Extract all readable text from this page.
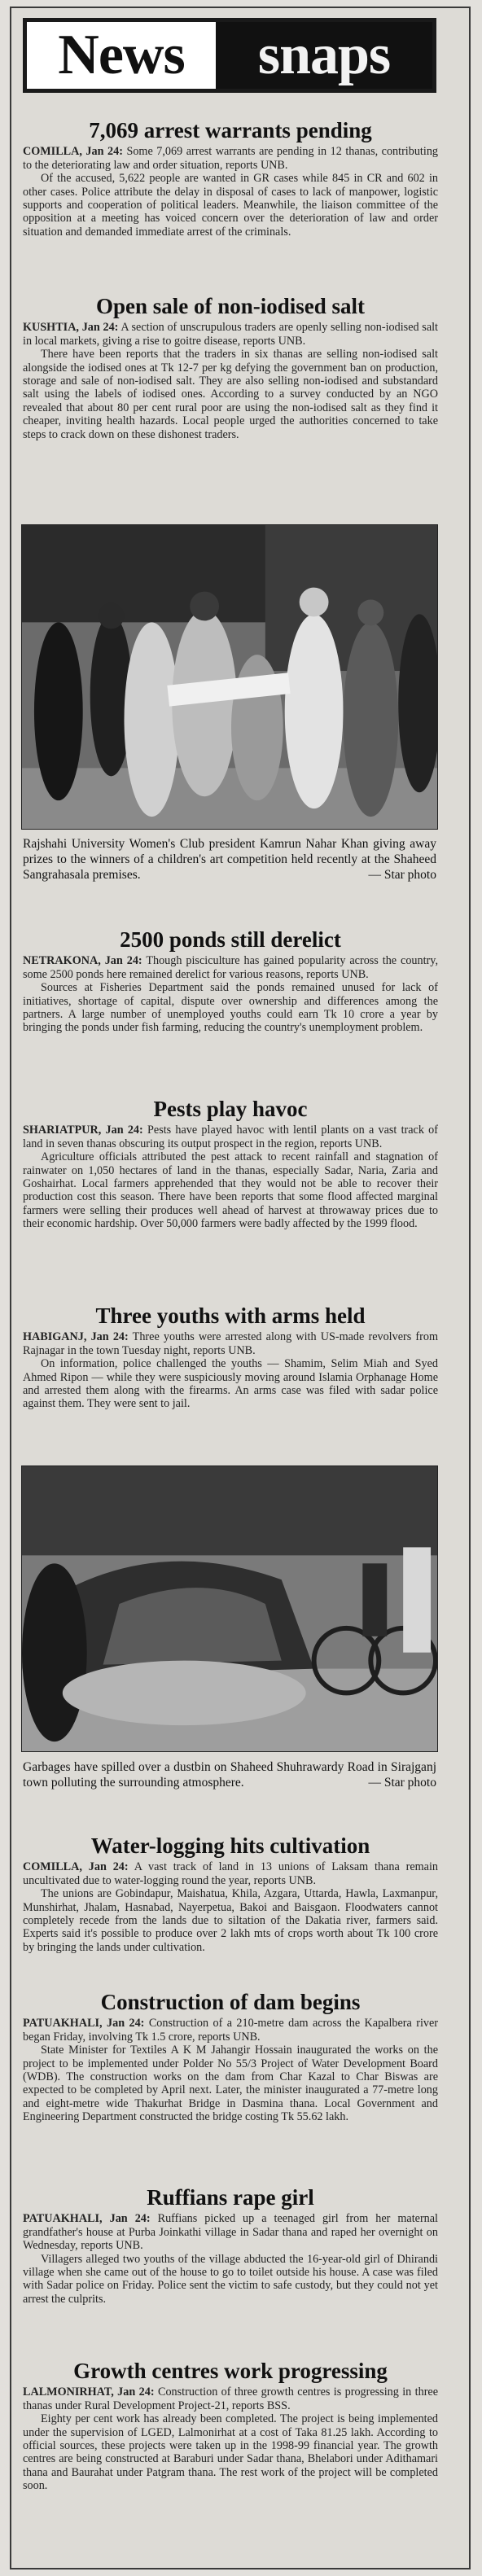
News	snaps
7,069 arrest warrants pending

COMILLA, Jan 24: Some 7,069 arrest warrants are pending in 12 thanas, contributing to the deteriorating law and order situation, reports UNB.

Of the accused, 5,622 people are wanted in GR cases while 845 in CR and 602 in other cases. Police attribute the delay in disposal of cases to lack of manpower, logistic supports and cooperation of political leaders. Meanwhile, the liaison committee of the opposition at a meeting has voiced concern over the deterioration of law and order situation and demanded immediate arrest of the criminals.

Open sale of non-iodised salt

KUSHTIA, Jan 24: A section of unscrupulous traders are openly selling non-iodised salt in local markets, giving a rise to goitre disease, reports UNB.

There have been reports that the traders in six thanas are selling non-iodised salt alongside the iodised ones at Tk 12-7 per kg defying the government ban on production, storage and sale of non-iodised salt. They are also selling non-iodised and substandard salt using the labels of iodised ones. According to a survey conducted by an NGO revealed that about 80 per cent rural poor are using the non-iodised salt as they find it cheaper, inviting health hazards. Local people urged the authorities concerned to take steps to crack down on these dishonest traders.

Rajshahi University Women's Club president Kamrun Nahar Khan giving away prizes to the winners of a children's art competition held recently at the Shaheed Sangrahasala premises.	— Star photo
2500 ponds still derelict

NETRAKONA, Jan 24: Though pisciculture has gained popularity across the country, some 2500 ponds here remained derelict for various reasons, reports UNB.

Sources at Fisheries Department said the ponds remained unused for lack of initiatives, shortage of capital, dispute over ownership and differences among the partners. A large number of unemployed youths could earn Tk 10 crore a year by bringing the ponds under fish farming, reducing the country's unemployment problem.

Pests play havoc

SHARIATPUR, Jan 24: Pests have played havoc with lentil plants on a vast track of land in seven thanas obscuring its output prospect in the region, reports UNB.

Agriculture officials attributed the pest attack to recent rainfall and stagnation of rainwater on 1,050 hectares of land in the thanas, especially Sadar, Naria, Zaria and Goshairhat. Local farmers apprehended that they would not be able to recover their production cost this season. There have been reports that some flood affected marginal farmers were selling their produces well ahead of harvest at throwaway prices due to their economic hardship. Over 50,000 farmers were badly affected by the 1999 flood.

Three youths with arms held

HABIGANJ, Jan 24: Three youths were arrested along with US-made revolvers from Rajnagar in the town Tuesday night, reports UNB.

On information, police challenged the youths — Shamim, Selim Miah and Syed Ahmed Ripon — while they were suspiciously moving around Islamia Orphanage Home and arrested them along with the firearms. An arms case was filed with sadar police against them. They were sent to jail.

Garbages have spilled over a dustbin on Shaheed Shuhrawardy Road in Sirajganj town polluting the surrounding atmosphere.	— Star photo
Water-logging hits cultivation

COMILLA, Jan 24: A vast track of land in 13 unions of Laksam thana remain uncultivated due to water-logging round the year, reports UNB.

The unions are Gobindapur, Maishatua, Khila, Azgara, Uttarda, Hawla, Laxmanpur, Munshirhat, Jhalam, Hasnabad, Nayerpetua, Bakoi and Baisgaon. Floodwaters cannot completely recede from the lands due to siltation of the Dakatia river, farmers said. Experts said it's possible to produce over 2 lakh mts of crops worth about Tk 100 crore by bringing the lands under cultivation.

Construction of dam begins

PATUAKHALI, Jan 24: Construction of a 210-metre dam across the Kapalbera river began Friday, involving Tk 1.5 crore, reports UNB.

State Minister for Textiles A K M Jahangir Hossain inaugurated the works on the project to be implemented under Polder No 55/3 Project of Water Development Board (WDB). The construction works on the dam from Char Kazal to Char Biswas are expected to be completed by April next. Later, the minister inaugurated a 77-metre long and eight-metre wide Thakurhat Bridge in Dasmina thana. Local Government and Engineering Department constructed the bridge costing Tk 55.62 lakh.

Ruffians rape girl

PATUAKHALI, Jan 24: Ruffians picked up a teenaged girl from her maternal grandfather's house at Purba Joinkathi village in Sadar thana and raped her overnight on Wednesday, reports UNB.

Villagers alleged two youths of the village abducted the 16-year-old girl of Dhirandi village when she came out of the house to go to toilet outside his house. A case was filed with Sadar police on Friday. Police sent the victim to safe custody, but they could not yet arrest the culprits.

Growth centres work progressing

LALMONIRHAT, Jan 24: Construction of three growth centres is progressing in three thanas under Rural Development Project-21, reports BSS.

Eighty per cent work has already been completed. The project is being implemented under the supervision of LGED, Lalmonirhat at a cost of Taka 81.25 lakh. According to official sources, these projects were taken up in the 1998-99 financial year. The growth centres are being constructed at Baraburi under Sadar thana, Bhelabori under Adithamari thana and Baurahat under Patgram thana. The rest work of the project will be completed soon.
